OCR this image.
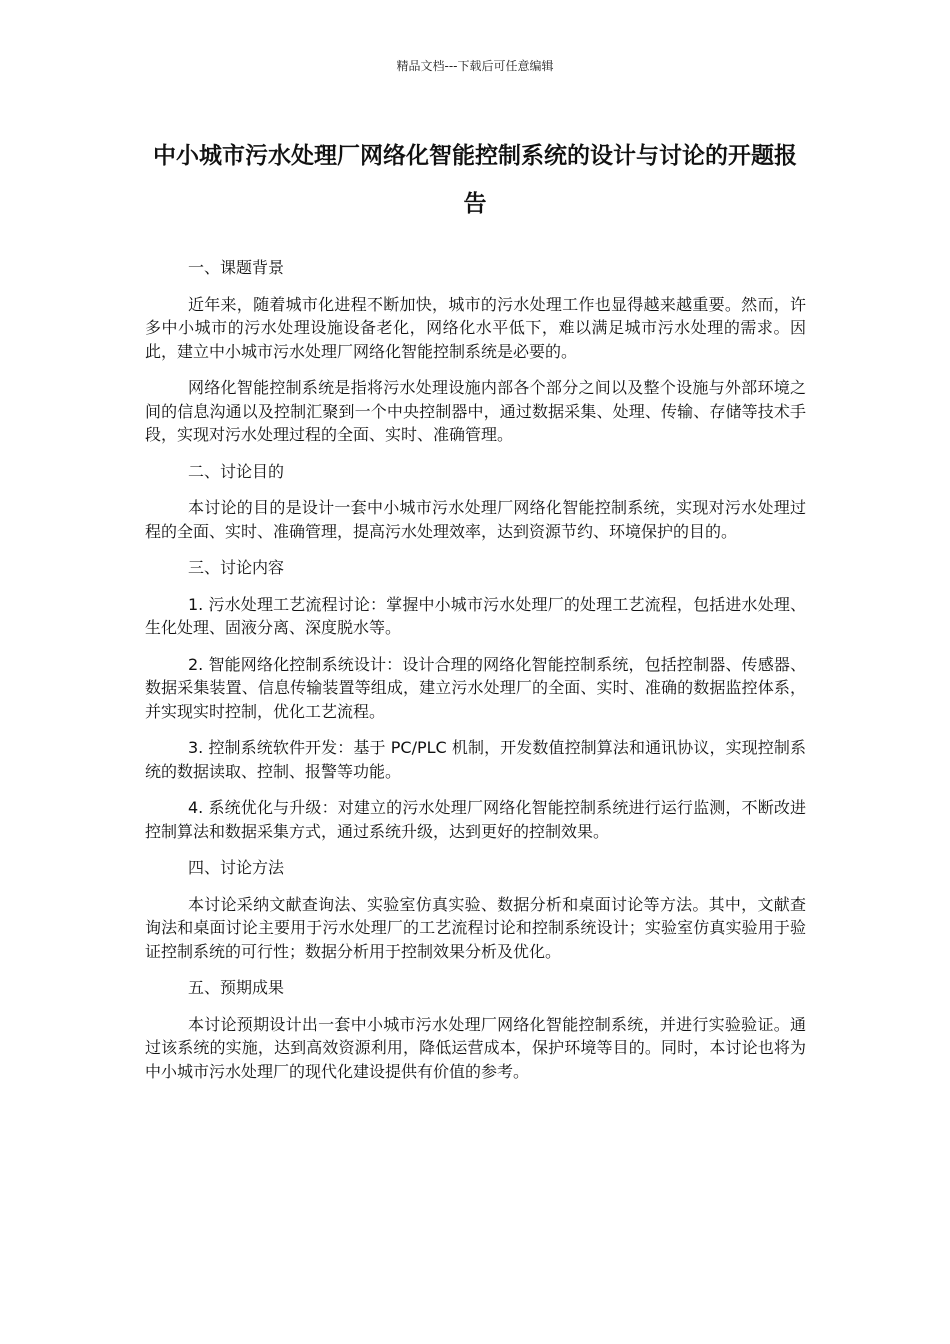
精品文档---下载后可任意编辑
中小城市污水处理厂网络化智能控制系统的设计与讨论的开题报告

一、课题背景

近年来，随着城市化进程不断加快，城市的污水处理工作也显得越来越重要。然而，许多中小城市的污水处理设施设备老化，网络化水平低下，难以满足城市污水处理的需求。因此，建立中小城市污水处理厂网络化智能控制系统是必要的。

网络化智能控制系统是指将污水处理设施内部各个部分之间以及整个设施与外部环境之间的信息沟通以及控制汇聚到一个中央控制器中，通过数据采集、处理、传输、存储等技术手段，实现对污水处理过程的全面、实时、准确管理。

二、讨论目的

本讨论的目的是设计一套中小城市污水处理厂网络化智能控制系统，实现对污水处理过程的全面、实时、准确管理，提高污水处理效率，达到资源节约、环境保护的目的。

三、讨论内容

1. 污水处理工艺流程讨论：掌握中小城市污水处理厂的处理工艺流程，包括进水处理、生化处理、固液分离、深度脱水等。

2. 智能网络化控制系统设计：设计合理的网络化智能控制系统，包括控制器、传感器、数据采集装置、信息传输装置等组成，建立污水处理厂的全面、实时、准确的数据监控体系，并实现实时控制，优化工艺流程。

3. 控制系统软件开发：基于 PC/PLC 机制，开发数值控制算法和通讯协议，实现控制系统的数据读取、控制、报警等功能。

4. 系统优化与升级：对建立的污水处理厂网络化智能控制系统进行运行监测，不断改进控制算法和数据采集方式，通过系统升级，达到更好的控制效果。

四、讨论方法

本讨论采纳文献查询法、实验室仿真实验、数据分析和桌面讨论等方法。其中，文献查询法和桌面讨论主要用于污水处理厂的工艺流程讨论和控制系统设计；实验室仿真实验用于验证控制系统的可行性；数据分析用于控制效果分析及优化。

五、预期成果

本讨论预期设计出一套中小城市污水处理厂网络化智能控制系统，并进行实验验证。通过该系统的实施，达到高效资源利用，降低运营成本，保护环境等目的。同时，本讨论也将为中小城市污水处理厂的现代化建设提供有价值的参考。
